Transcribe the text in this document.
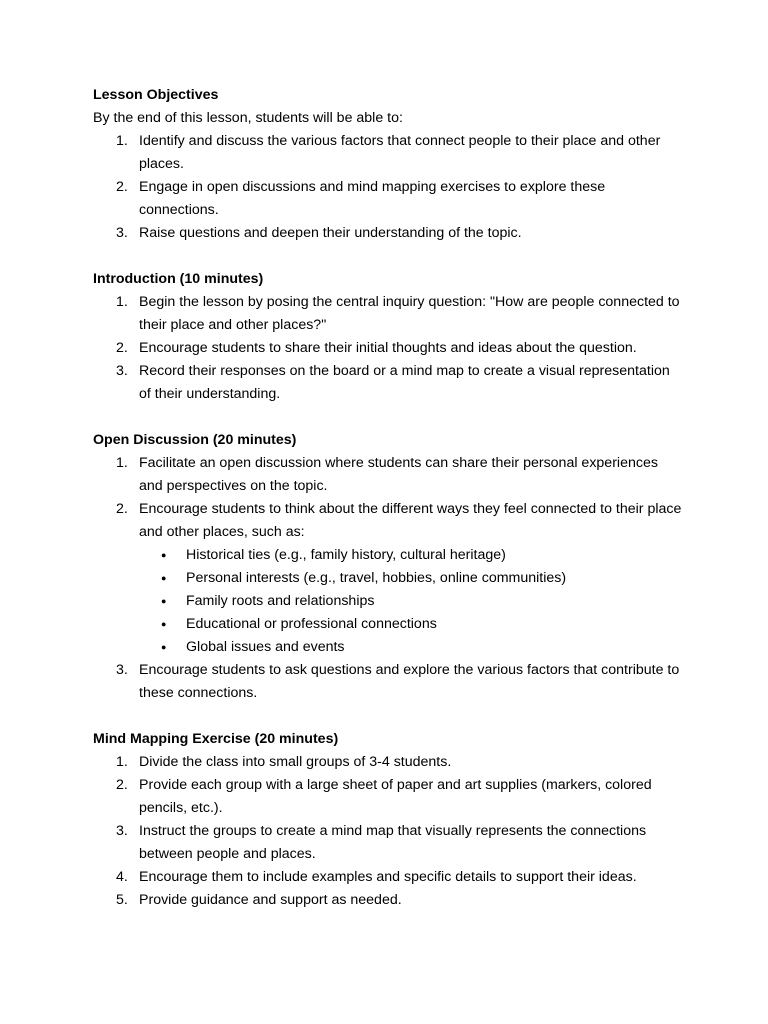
Lesson Objectives
By the end of this lesson, students will be able to:
1. Identify and discuss the various factors that connect people to their place and other places.
2. Engage in open discussions and mind mapping exercises to explore these connections.
3. Raise questions and deepen their understanding of the topic.
Introduction (10 minutes)
1. Begin the lesson by posing the central inquiry question: "How are people connected to their place and other places?"
2. Encourage students to share their initial thoughts and ideas about the question.
3. Record their responses on the board or a mind map to create a visual representation of their understanding.
Open Discussion (20 minutes)
1. Facilitate an open discussion where students can share their personal experiences and perspectives on the topic.
2. Encourage students to think about the different ways they feel connected to their place and other places, such as:
● Historical ties (e.g., family history, cultural heritage)
● Personal interests (e.g., travel, hobbies, online communities)
● Family roots and relationships
● Educational or professional connections
● Global issues and events
3. Encourage students to ask questions and explore the various factors that contribute to these connections.
Mind Mapping Exercise (20 minutes)
1. Divide the class into small groups of 3-4 students.
2. Provide each group with a large sheet of paper and art supplies (markers, colored pencils, etc.).
3. Instruct the groups to create a mind map that visually represents the connections between people and places.
4. Encourage them to include examples and specific details to support their ideas.
5. Provide guidance and support as needed.
